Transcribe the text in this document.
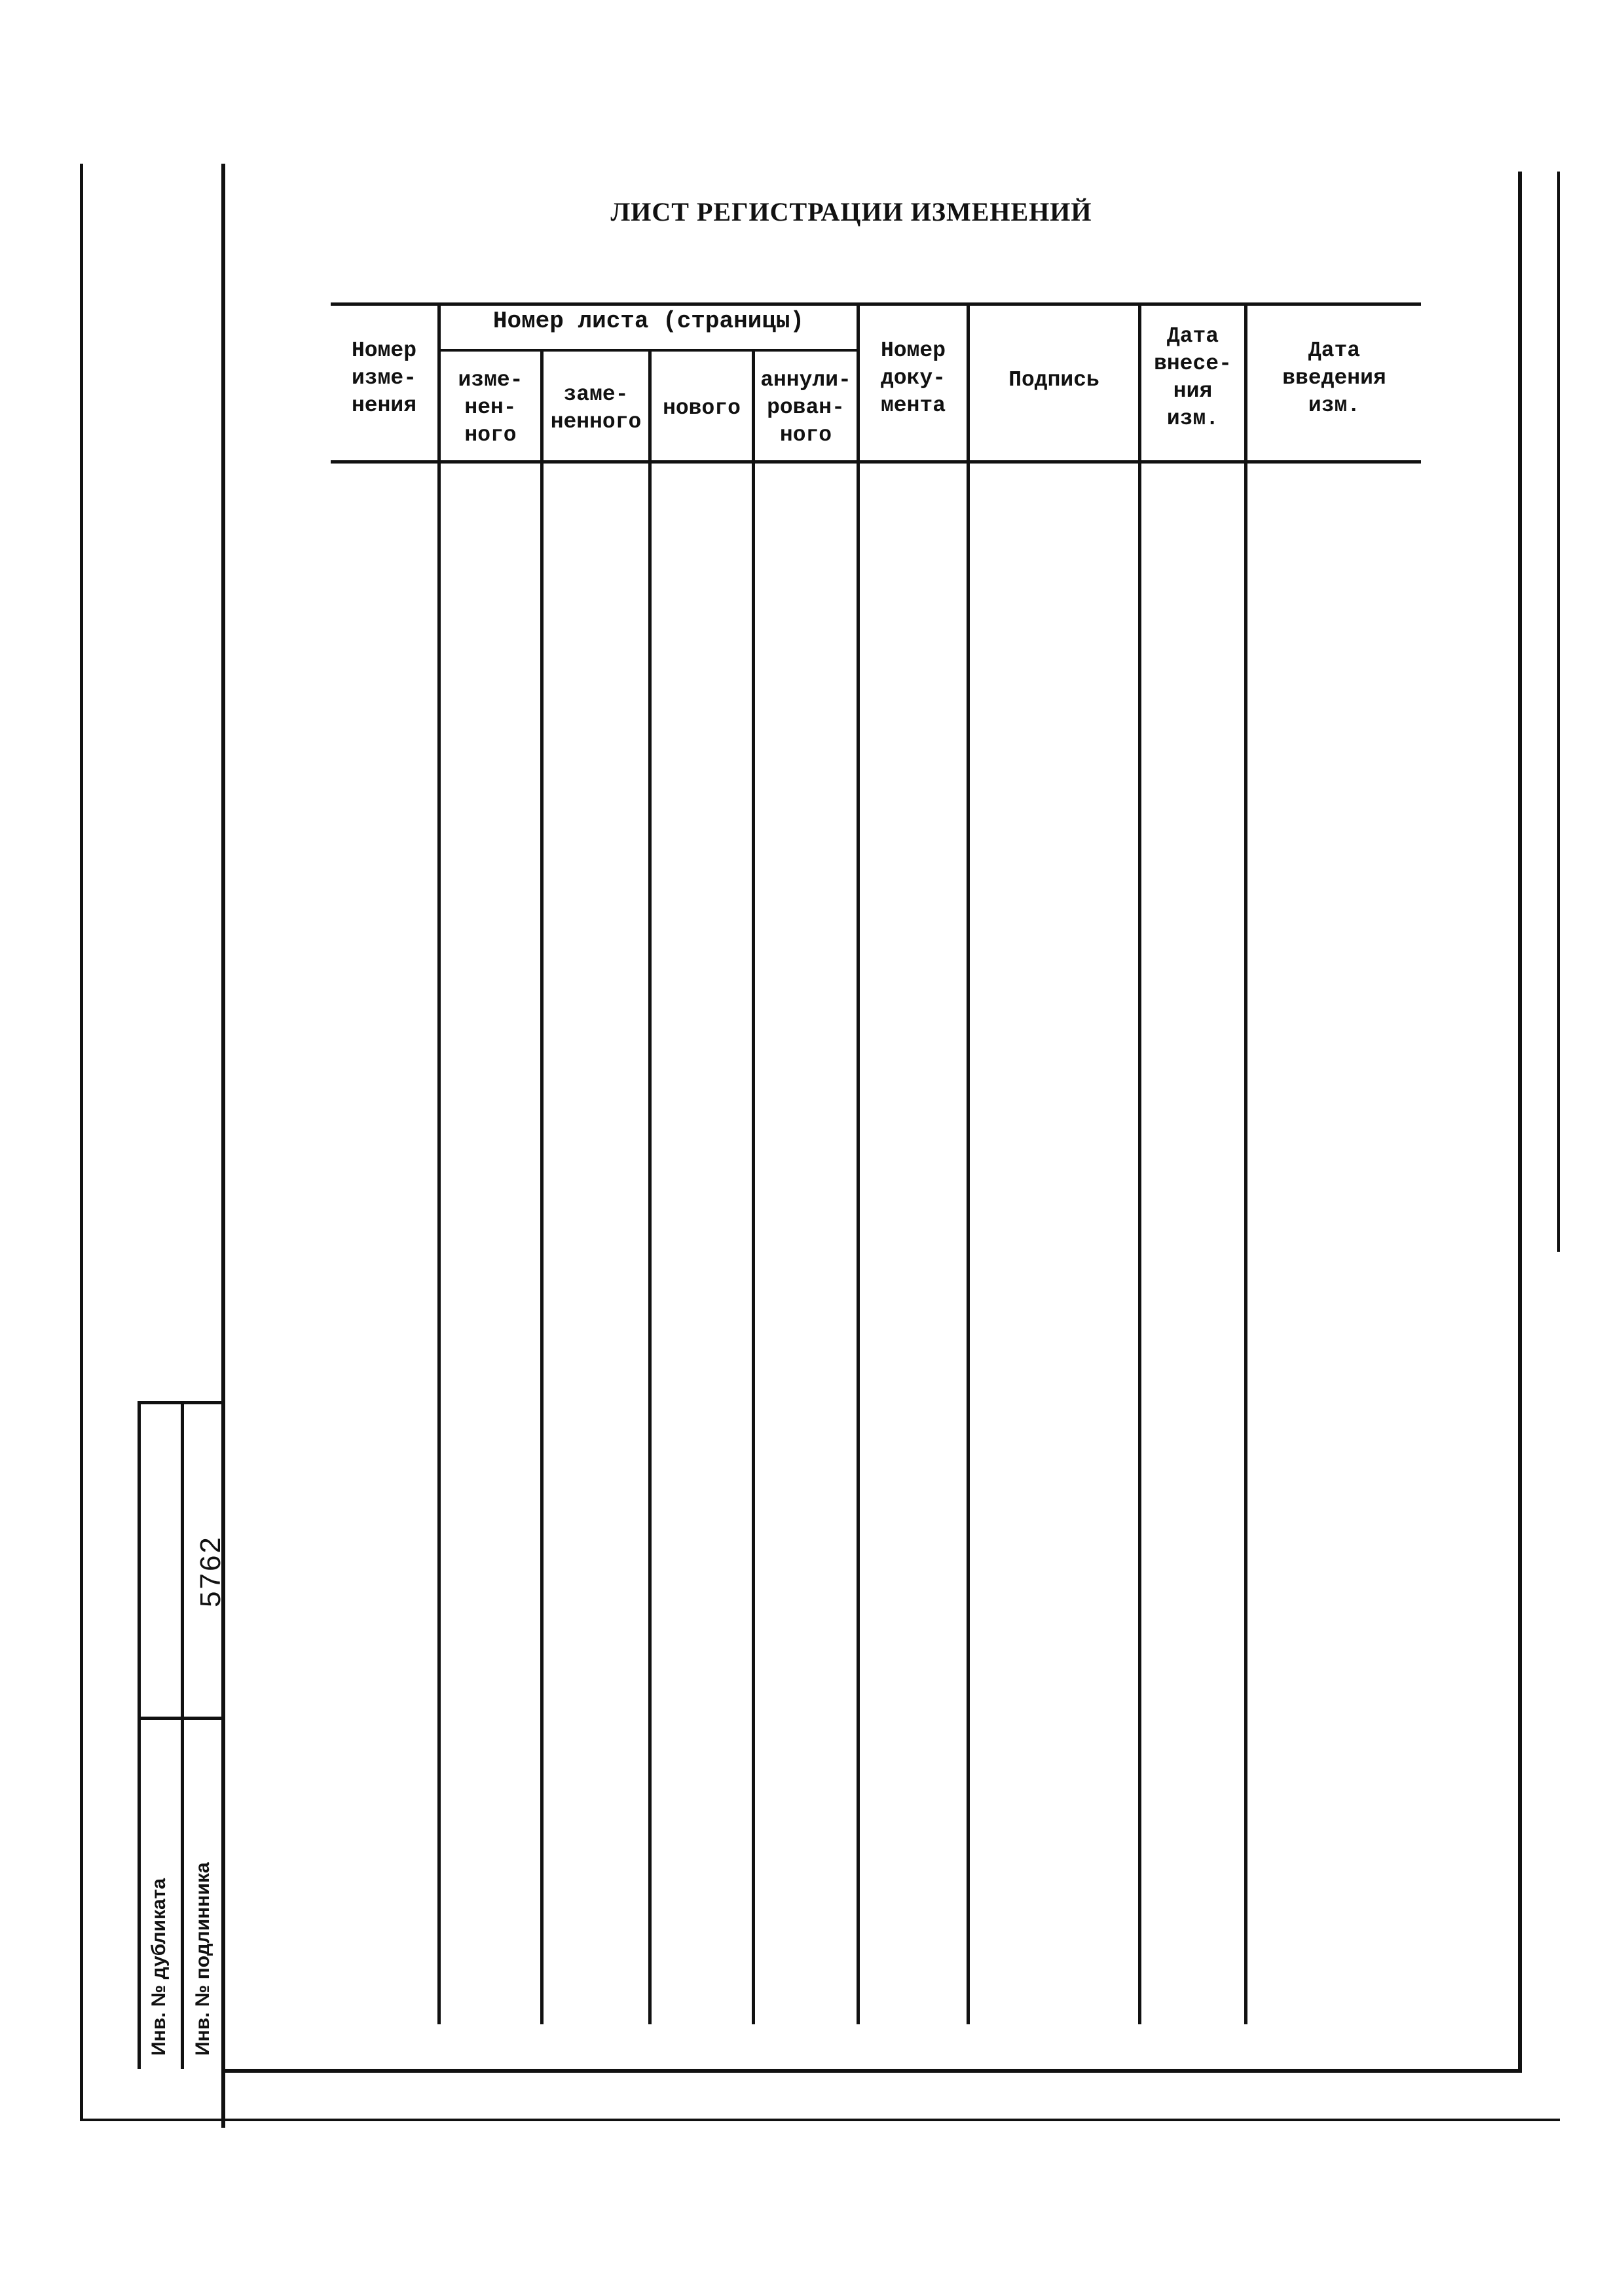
ЛИСТ РЕГИСТРАЦИИ ИЗМЕНЕНИЙ
Номер листа (страницы)
Номер
изме-
нения
изме-
нен-
ного
заме-
ненного
нового
аннули-
рован-
ного
Номер
доку-
мента
Подпись
Дата
внесе-
ния
изм.
Дата
введения
изм.
Инв. № дубликата Инв. № подлинника
5762
